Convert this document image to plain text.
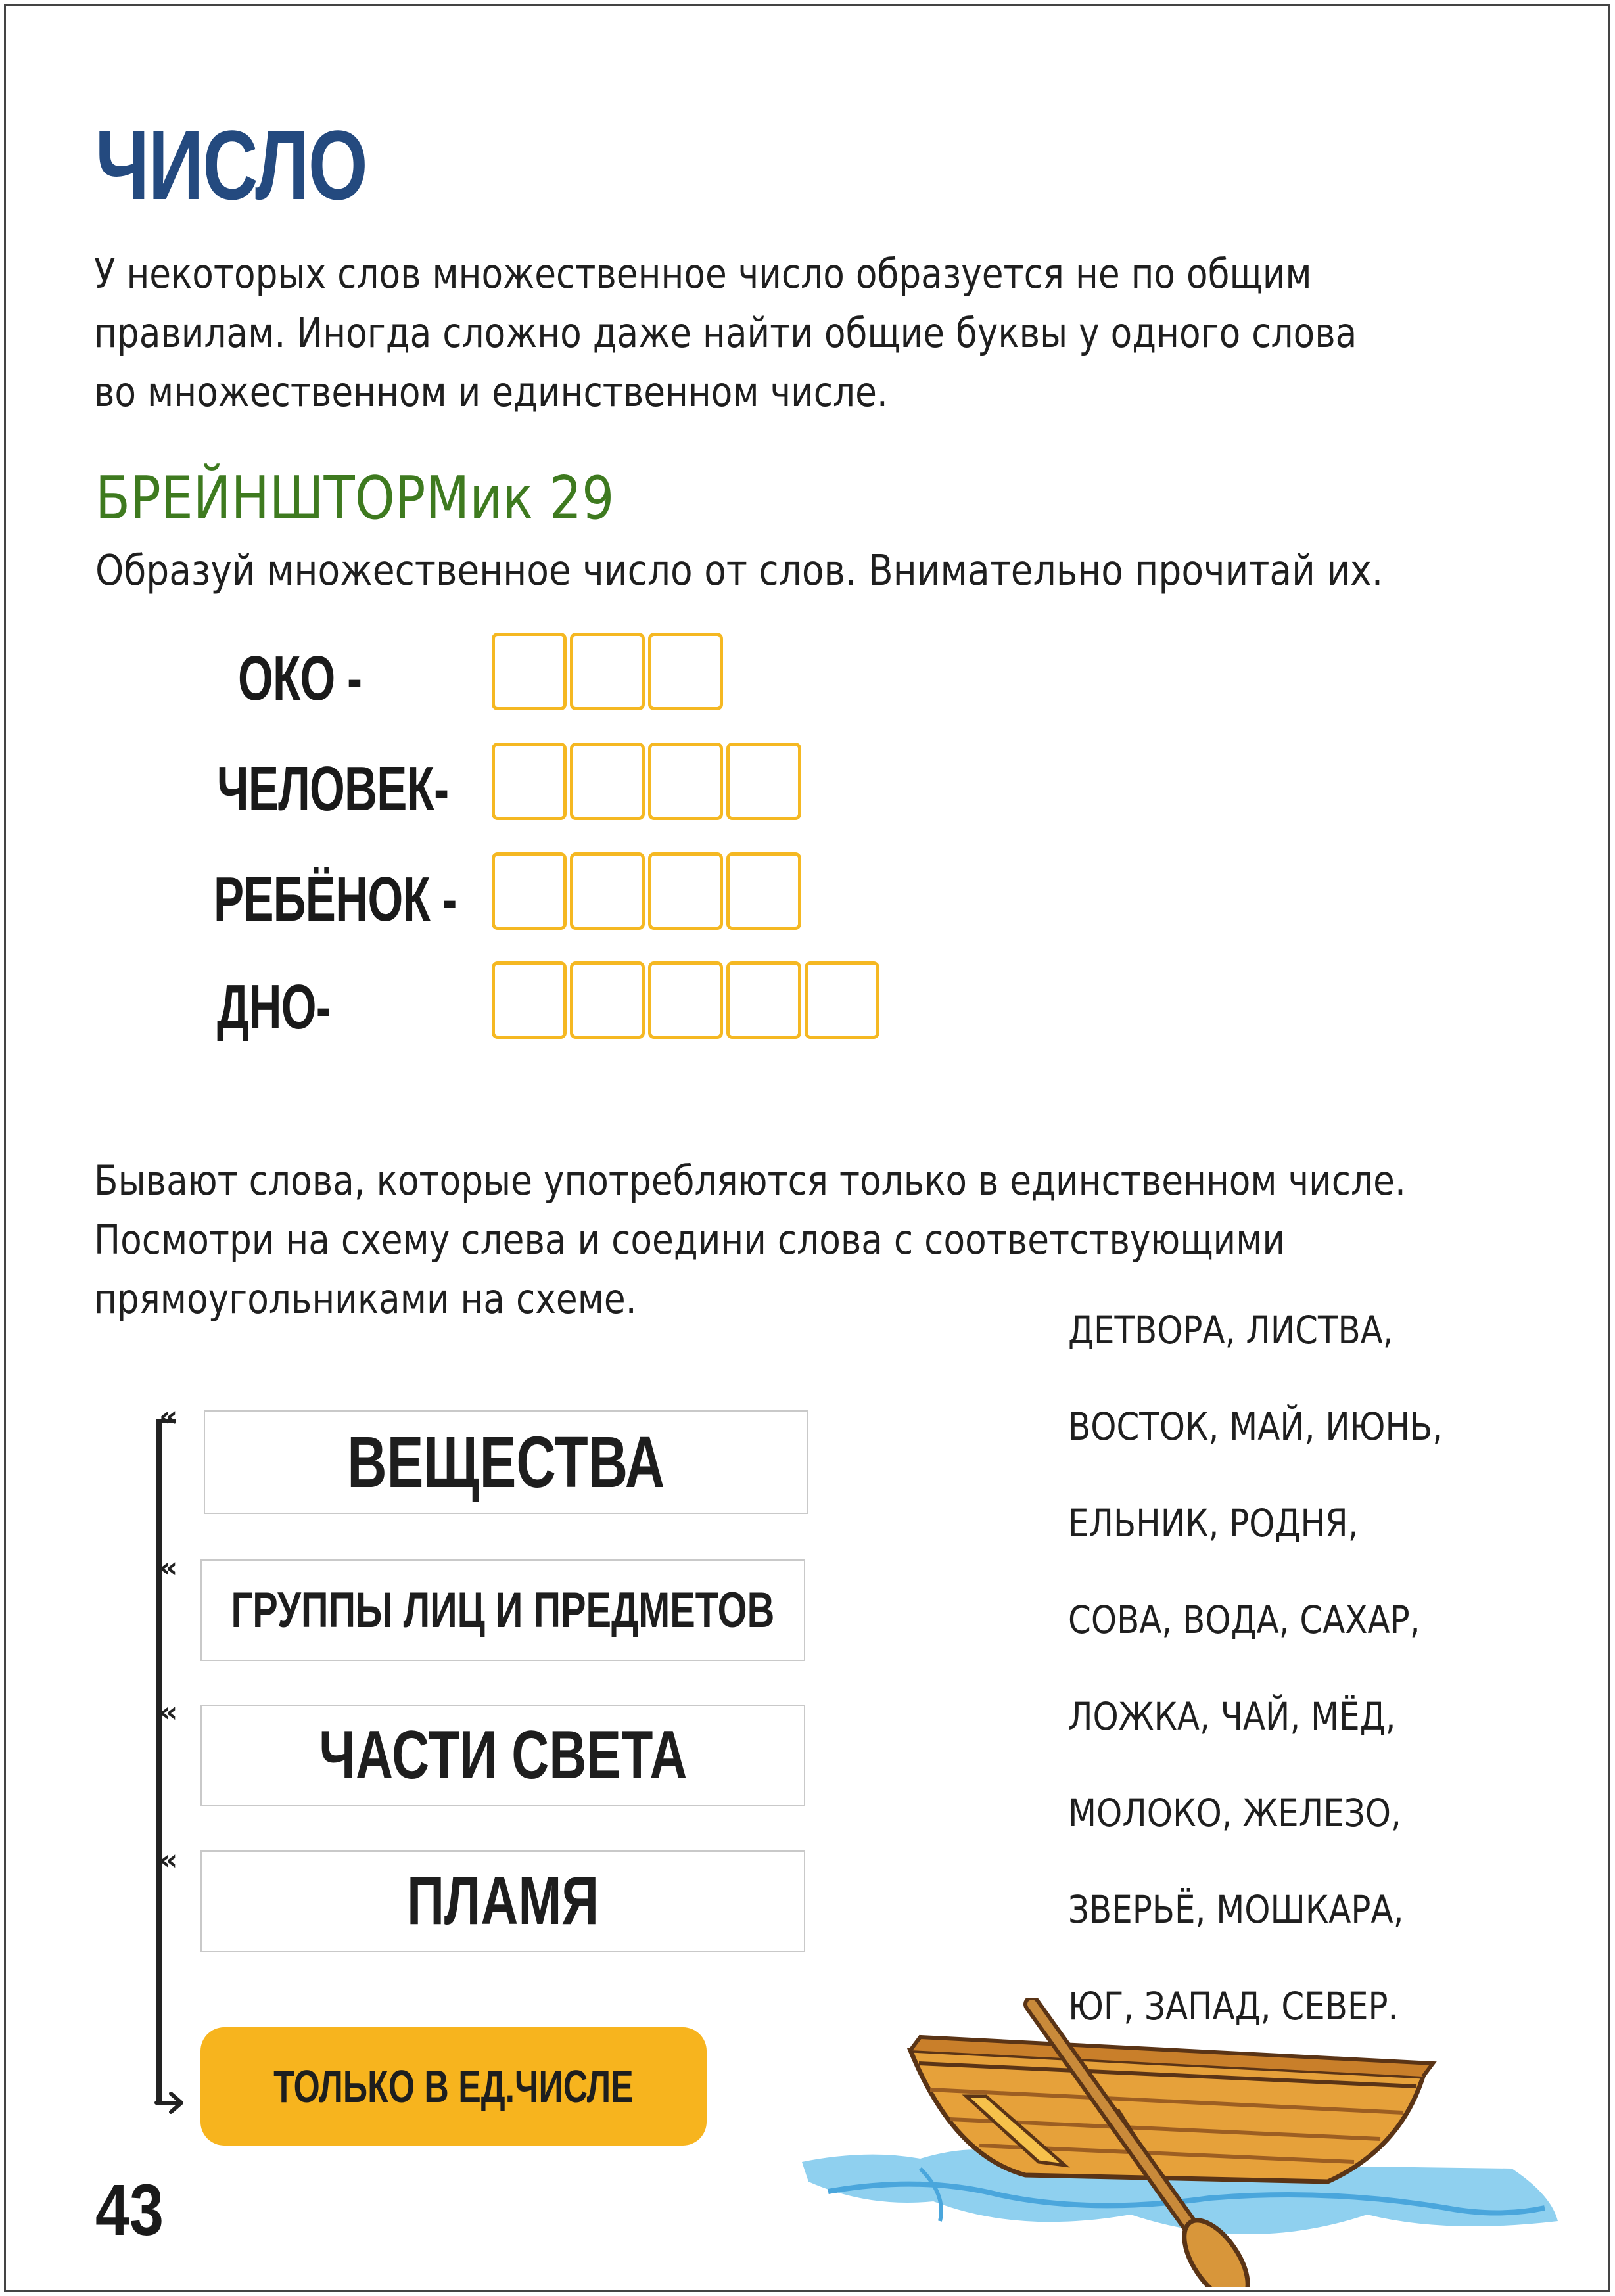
ЧИСЛО
У некоторых слов множественное число образуется не по общим
правилам. Иногда сложно даже найти общие буквы у одного слова
во множественном и единственном числе.
БРЕЙНШТОРМик 29
Образуй множественное число от слов. Внимательно прочитай их.
ОКО -
ЧЕЛОВЕК-
РЕБЁНОК -
ДНО-
Бывают слова, которые употребляются только в единственном числе.
Посмотри на схему слева и соедини слова с соответствующими
прямоугольниками на схеме.
«
«
«
«
ВЕЩЕСТВА
ГРУППЫ ЛИЦ И ПРЕДМЕТОВ
ЧАСТИ СВЕТА
ПЛАМЯ
ТОЛЬКО В ЕД.ЧИСЛЕ
ДЕТВОРА, ЛИСТВА,
ВОСТОК, МАЙ, ИЮНЬ,
ЕЛЬНИК, РОДНЯ,
СОВА, ВОДА, САХАР,
ЛОЖКА, ЧАЙ, МЁД,
МОЛОКО, ЖЕЛЕЗО,
ЗВЕРЬЁ, МОШКАРА,
ЮГ, ЗАПАД, СЕВЕР.
43
